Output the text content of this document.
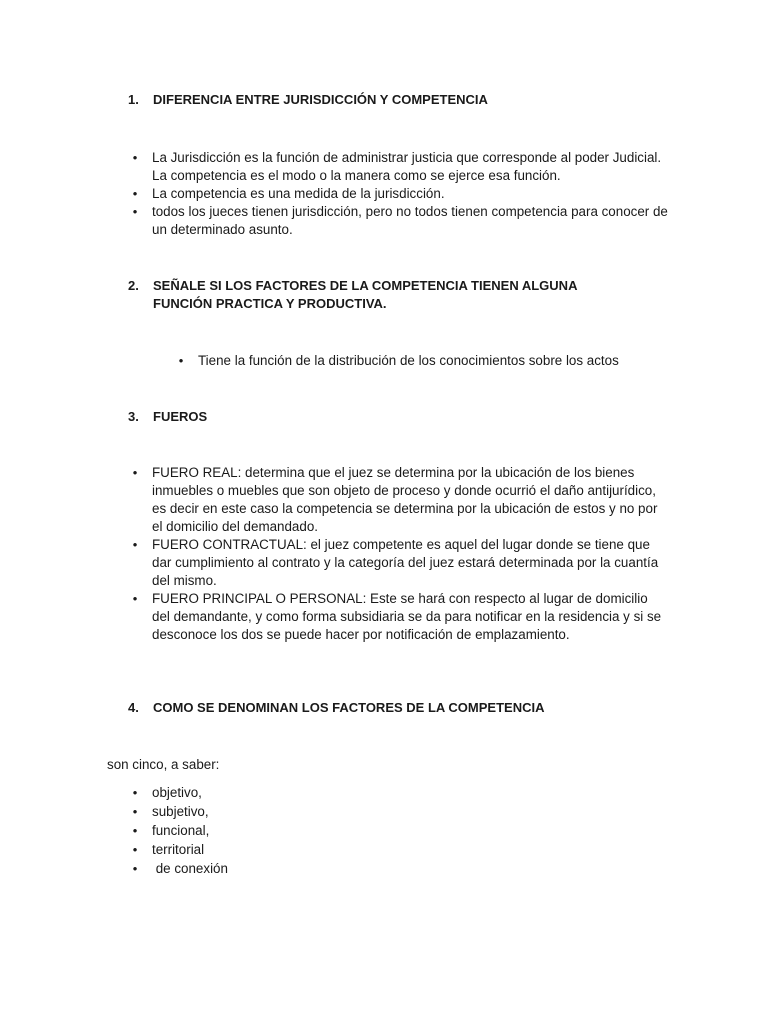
1.	DIFERENCIA ENTRE JURISDICCIÓN Y COMPETENCIA
•	La Jurisdicción es la función de administrar justicia que corresponde al poder Judicial. La competencia es el modo o la manera como se ejerce esa función.
•	La competencia es una medida de la jurisdicción.
•	todos los jueces tienen jurisdicción, pero no todos tienen competencia para conocer de un determinado asunto.
2.	SEÑALE SI LOS FACTORES DE LA COMPETENCIA TIENEN ALGUNA FUNCIÓN PRACTICA Y PRODUCTIVA.
•	Tiene la función de la distribución de los conocimientos sobre los actos
3.	FUEROS
•	FUERO REAL: determina que el juez se determina por la ubicación de los bienes inmuebles o muebles que son objeto de proceso y donde ocurrió el daño antijurídico, es decir en este caso la competencia se determina por la ubicación de estos y no por el domicilio del demandado.
•	FUERO CONTRACTUAL: el juez competente es aquel del lugar donde se tiene que dar cumplimiento al contrato y la categoría del juez estará determinada por la cuantía del mismo.
•	FUERO PRINCIPAL O PERSONAL: Este se hará con respecto al lugar de domicilio del demandante, y como forma subsidiaria se da para notificar en la residencia y si se desconoce los dos se puede hacer por notificación de emplazamiento.
4.	COMO SE DENOMINAN LOS FACTORES DE LA COMPETENCIA
son cinco, a saber:
•	objetivo,
•	subjetivo,
•	funcional,
•	territorial
•	de conexión
